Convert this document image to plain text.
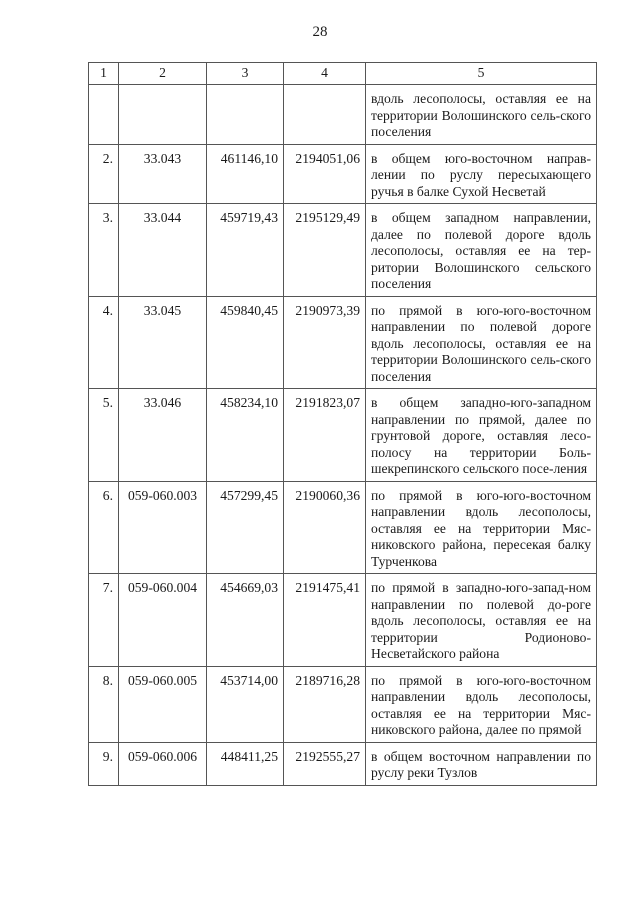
28
1	2	3	4	5
				вдоль лесополосы, оставляя ее на территории Волошинского сель-ского поселения
2.	33.043	461146,10	2194051,06	в общем юго-восточном направ-лении по руслу пересыхающего ручья в балке Сухой Несветай
3.	33.044	459719,43	2195129,49	в общем западном направлении, далее по полевой дороге вдоль лесополосы, оставляя ее на тер-ритории Волошинского сельского поселения
4.	33.045	459840,45	2190973,39	по прямой в юго-юго-восточном направлении по полевой дороге вдоль лесополосы, оставляя ее на территории Волошинского сель-ского поселения
5.	33.046	458234,10	2191823,07	в общем западно-юго-западном направлении по прямой, далее по грунтовой дороге, оставляя лесо-полосу на территории Боль-шекрепинского сельского посе-ления
6.	059-060.003	457299,45	2190060,36	по прямой в юго-юго-восточном направлении вдоль лесополосы, оставляя ее на территории Мяс-никовского района, пересекая балку Турченкова
7.	059-060.004	454669,03	2191475,41	по прямой в западно-юго-запад-ном направлении по полевой до-роге вдоль лесополосы, оставляя ее на территории Родионово-Несветайского района
8.	059-060.005	453714,00	2189716,28	по прямой в юго-юго-восточном направлении вдоль лесополосы, оставляя ее на территории Мяс-никовского района, далее по прямой
9.	059-060.006	448411,25	2192555,27	в общем восточном направлении по руслу реки Тузлов
